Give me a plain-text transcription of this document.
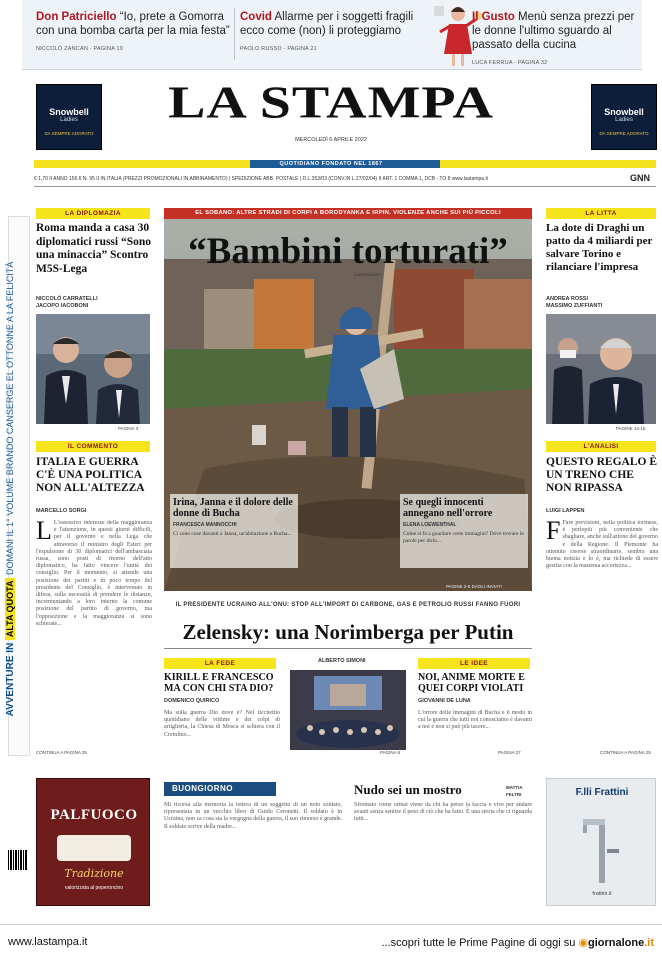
Don Patriciello “Io, prete a Gomorra con una bomba carta per la mia festa”
NICCOLÒ ZANCAN - PAGINA 19
Covid Allarme per i soggetti fragili ecco come (non) li proteggiamo
PAOLO RUSSO - PAGINA 21
Il Gusto Menù senza prezzi per le donne l'ultimo sguardo al passato della cucina
LUCA FERRUA - PAGINA 32
Snowbell
Ladies
DA SEMPRE ADORATO
Snowbell
Ladies
DA SEMPRE ADORATO
LA STAMPA
MERCOLEDÌ 6 APRILE 2022
QUOTIDIANO FONDATO NEL 1867
€ 1,70 II ANNO 156 II N. 95 II IN ITALIA (PREZZI PROMOZIONALI IN ABBINAMENTO) | SPEDIZIONE ABB. POSTALE | D.L.353/03 (CONV.IN L.27/02/04) II ART. 1 COMMA 1, DCB - TO II www.lastampa.it	GNN
AVVENTURE IN ALTA QUOTA DOMANI IL 1° VOLUME BRANDO CANSERGE EL OTTONNE A LA FELICITÀ
LA DIPLOMAZIA
Roma manda a casa 30 diplomatici russi “Sono una minaccia” Scontro M5S-Lega
NICCOLÒ CARRATELLI
JACOPO IACOBONI
PAGINA 3
IL COMMENTO
ITALIA E GUERRA C'È UNA POLITICA NON ALL'ALTEZZA
MARCELLO SORGI
L L'ossessivo interesse della maggioranza e l'attenzione, in questi giorni difficili, per il governo e nella Lega che attraverso il ministro degli Esteri per l'espulsione di 30 diplomatici dell'ambasciata russa, sono posti di ritorno dell'atto diplomatico, ha fatto vincere l'unità dei consiglio. Per il momento, si attende una posizione dei partiti e in poco tempo del presidente del Consiglio, è intervenuto in difesa, sulla necessità di prendere le distanze, incrementando a loro interno la comune posizione del partito di governo, ma l'opposizione e la maggioranza si sono schierate...
CONTINUA A PAGINA 25
EL SOBANO: ALTRE STRADI DI CORPI A BORODYANKA E IRPIN. VIOLENZE ANCHE SUI PIÙ PICCOLI
“Bambini torturati”
ALESSANDRO
Irina, Janna e il dolore delle donne di Bucha
FRANCESCA MANNOCCHI
Ci sono cose davanti a Janna, un'abitazione a Bucha...
Se quegli innocenti annegano nell'orrore
ELENA LOEWENTHAL
Come si fa a guardare certe immagini? Dove trovare le parole per dirlo...
PAGINE 2-5 DAGLI INVIATI
IL PRESIDENTE UCRAINO ALL'ONU: STOP ALL'IMPORT DI CARBONE, GAS E PETROLIO RUSSI FANNO FUORI
Zelensky: una Norimberga per Putin
LA FEDE
KIRILL E FRANCESCO MA CON CHI STA DIO?
DOMENICO QUIRICO
Ma sulla guerra Dio dove è? Nel ticchettio quotidiano delle vittime e dei colpi di artiglieria, la Chiesa di Mosca si schiera con il Cremlino...
ALBERTO SIMONI
PAGINA 6
LE IDEE
NOI, ANIME MORTE E QUEI CORPI VIOLATI
GIOVANNI DE LUNA
L'orrore delle immagini di Bucha e il modo in cui la guerra che tutti noi conosciamo è davanti a noi e non si può più tacere...
PAGINA 27
LA LITTA
La dote di Draghi un patto da 4 miliardi per salvare Torino e rilanciare l'impresa
ANDREA ROSSI
MASSIMO ZUFFIANTI
PAGINE 14-15
L'ANALISI
QUESTO REGALO È UN TRENO CHE NON RIPASSA
LUIGI LAPPEN
F Fare previsioni, nella politica torinese, è perlopiù più conveniente che sbagliare, anche sull'azione del governo e della Regione. Il Piemonte ha ottenuto risorse straordinarie, sembra una buona notizia e lo è, ma richiede di essere gestita con la massima accortezza...
CONTINUA A PAGINA 25
PALFUOCO
Tradizione
valorizzata al peperoncino
BUONGIORNO
Mi ricorsa alla memoria la lettera di un soggetto di un noto soldato, ripresentata in un vecchio libro di Guido Ceronetti. Il soldato è in Ucraina, non sa cosa sia la vergogna della guerra, il suo rimorso è grande. Il soldato scrive della madre...
Nudo sei un mostro	MATTIA FELTRI
Sfrontato come ormai viene da chi ha perso la faccia e vive per andare avanti senza sentire il peso di ciò che ha fatto. È una storia che ci riguarda tutti...
F.lli Frattini
frattini.it
www.lastampa.it	...scopri tutte le Prime Pagine di oggi su ◉giornalone.it
